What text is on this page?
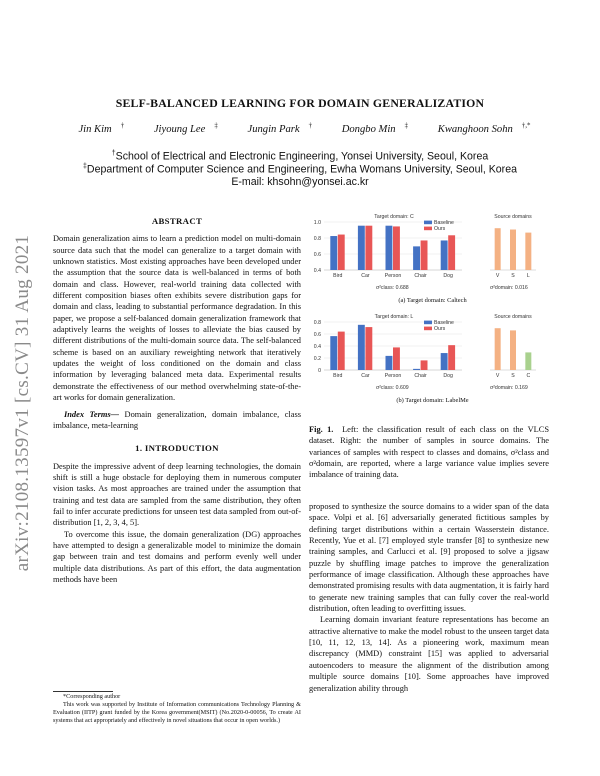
arXiv:2108.13597v1 [cs.CV] 31 Aug 2021
SELF-BALANCED LEARNING FOR DOMAIN GENERALIZATION
Jin Kim †	Jiyoung Lee ‡	Jungin Park †	Dongbo Min ‡	Kwanghoon Sohn †,*
†School of Electrical and Electronic Engineering, Yonsei University, Seoul, Korea
‡Department of Computer Science and Engineering, Ewha Womans University, Seoul, Korea
E-mail: khsohn@yonsei.ac.kr
ABSTRACT

Domain generalization aims to learn a prediction model on multi-domain source data such that the model can generalize to a target domain with unknown statistics. Most existing approaches have been developed under the assumption that the source data is well-balanced in terms of both domain and class. However, real-world training data collected with different composition biases often exhibits severe distribution gaps for domain and class, leading to substantial performance degradation. In this paper, we propose a self-balanced domain generalization framework that adaptively learns the weights of losses to alleviate the bias caused by different distributions of the multi-domain source data. The self-balanced scheme is based on an auxiliary reweighting network that iteratively updates the weight of loss conditioned on the domain and class information by leveraging balanced meta data. Experimental results demonstrate the effectiveness of our method overwhelming state-of-the-art works for domain generalization.

Index Terms— Domain generalization, domain imbalance, class imbalance, meta-learning

1. INTRODUCTION

Despite the impressive advent of deep learning technologies, the domain shift is still a huge obstacle for deploying them in numerous computer vision tasks. As most approaches are trained under the assumption that training and test data are sampled from the same distribution, they often fail to infer accurate predictions for unseen test data sampled from out-of-distribution [1, 2, 3, 4, 5].

To overcome this issue, the domain generalization (DG) approaches have attempted to design a generalizable model to minimize the domain gap between train and test domains and perform evenly well under multiple data distributions. As part of this effort, the data augmentation methods have been

*Corresponding author
This work was supported by Institute of Information communications Technology Planning & Evaluation (IITP) grant funded by the Korea government(MSIT) (No.2020-0-00056, To create AI systems that act appropriately and effectively in novel situations that occur in open worlds.)
Target domain: C
1.0
0.8
0.6
0.4
Bird	Car	Person	Chair	Dog
Baseline
Ours
Source domains
V S L
σ²class: 0.688	σ²domain: 0.016
Target domain: L
0.8
0.6
0.4
0.2
0
Bird	Car	Person	Chair	Dog
Baseline
Ours
Source domains
V S C
σ²class: 0.609	σ²domain: 0.169
(a) Target domain: Caltech
(b) Target domain: LabelMe
Fig. 1. Left: the classification result of each class on the VLCS dataset. Right: the number of samples in source domains. The variances of samples with respect to classes and domains, σ²class and σ²domain, are reported, where a large variance value implies severe imbalance of training data.

proposed to synthesize the source domains to a wider span of the data space. Volpi et al. [6] adversarially generated fictitious samples by defining target distributions within a certain Wasserstein distance. Recently, Yue et al. [7] employed style transfer [8] to synthesize new training samples, and Carlucci et al. [9] proposed to solve a jigsaw puzzle by shuffling image patches to improve the generalization performance of image classification. Although these approaches have demonstrated promising results with data augmentation, it is fairly hard to generate new training samples that can fully cover the real-world distribution, often leading to overfitting issues.

Learning domain invariant feature representations has become an attractive alternative to make the model robust to the unseen target data [10, 11, 12, 13, 14]. As a pioneering work, maximum mean discrepancy (MMD) constraint [15] was applied to adversarial autoencoders to measure the alignment of the distribution among multiple source domains [10]. Some approaches have improved generalization ability through
